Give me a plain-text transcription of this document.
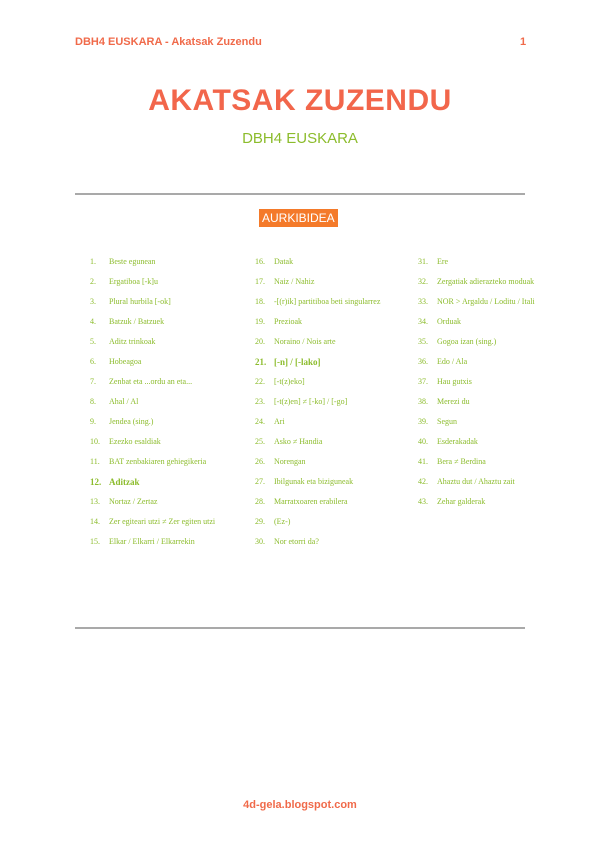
DBH4 EUSKARA - Akatsak Zuzendu	1
AKATSAK ZUZENDU
DBH4 EUSKARA
AURKIBIDEA
1.	Beste egunean
2.	Ergatiboa [-k]u
3.	Plural hurbila [-ok]
4.	Batzuk / Batzuek
5.	Aditz trinkoak
6.	Hobeagoa
7.	Zenbat eta ...ordu an eta...
8.	Ahal / Al
9.	Jendea (sing.)
10.	Ezezko esaldiak
11.	BAT zenbakiaren gehiegikeria
12. Aditzak
13.	Nortaz / Zertaz
14.	Zer egiteari utzi ≠ Zer egiten utzi
15.	Elkar / Elkarri / Elkarrekin
16.	Datak
17.	Naiz / Nahiz
18.	-[(r)ik] partitiboa beti singularrez
19.	Prezioak
20.	Noraino / Nois arte
21. [-n] / [-lako]
22.	[-t(z)eko]
23.	[-t(z)en] ≠ [-ko] / [-go]
24.	Ari
25.	Asko ≠ Handia
26.	Norengan
27.	Ibilgunak eta biziguneak
28.	Marratxoaren erabilera
29.	(Ez-)
30.	Nor etorri da?
31.	Ere
32.	Zergatiak adierazteko moduak
33.	NOR > Argaldu / Loditu / Itali
34.	Orduak
35.	Gogoa izan (sing.)
36.	Edo / Ala
37.	Hau gutxis
38.	Merezi du
39.	Segun
40.	Esderakadak
41.	Bera ≠ Berdina
42.	Ahaztu dut / Ahaztu zait
43.	Zehar galderak
4d-gela.blogspot.com
